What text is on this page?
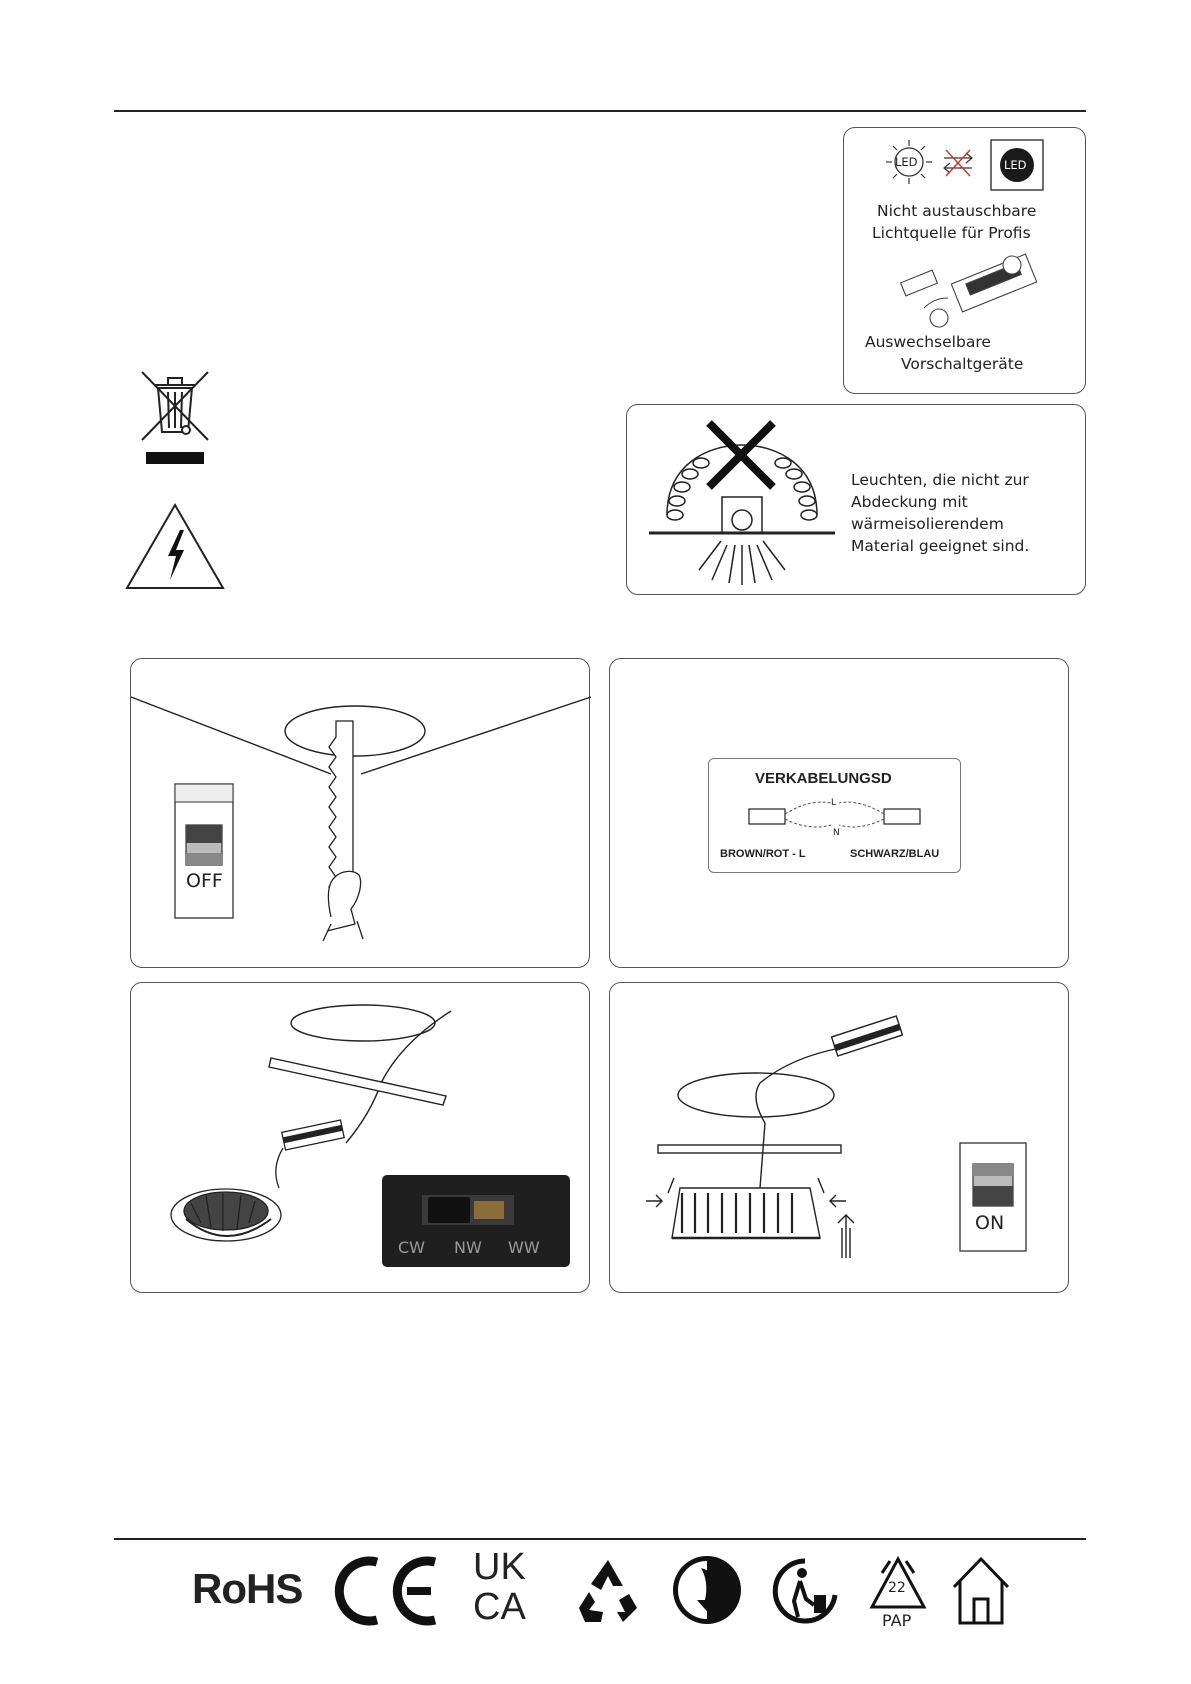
LED	LED
Nicht austauschbare
Lichtquelle für Profis
Auswechselbare
Vorschaltgeräte
Leuchten, die nicht zur
Abdeckung mit
wärmeisolierendem
Material geeignet sind.
OFF
VERKABELUNGSD
L
N
BROWN/ROT - L	SCHWARZ/BLAU
CW NW WW
ON
RoHS	UK
CA	22
PAP
